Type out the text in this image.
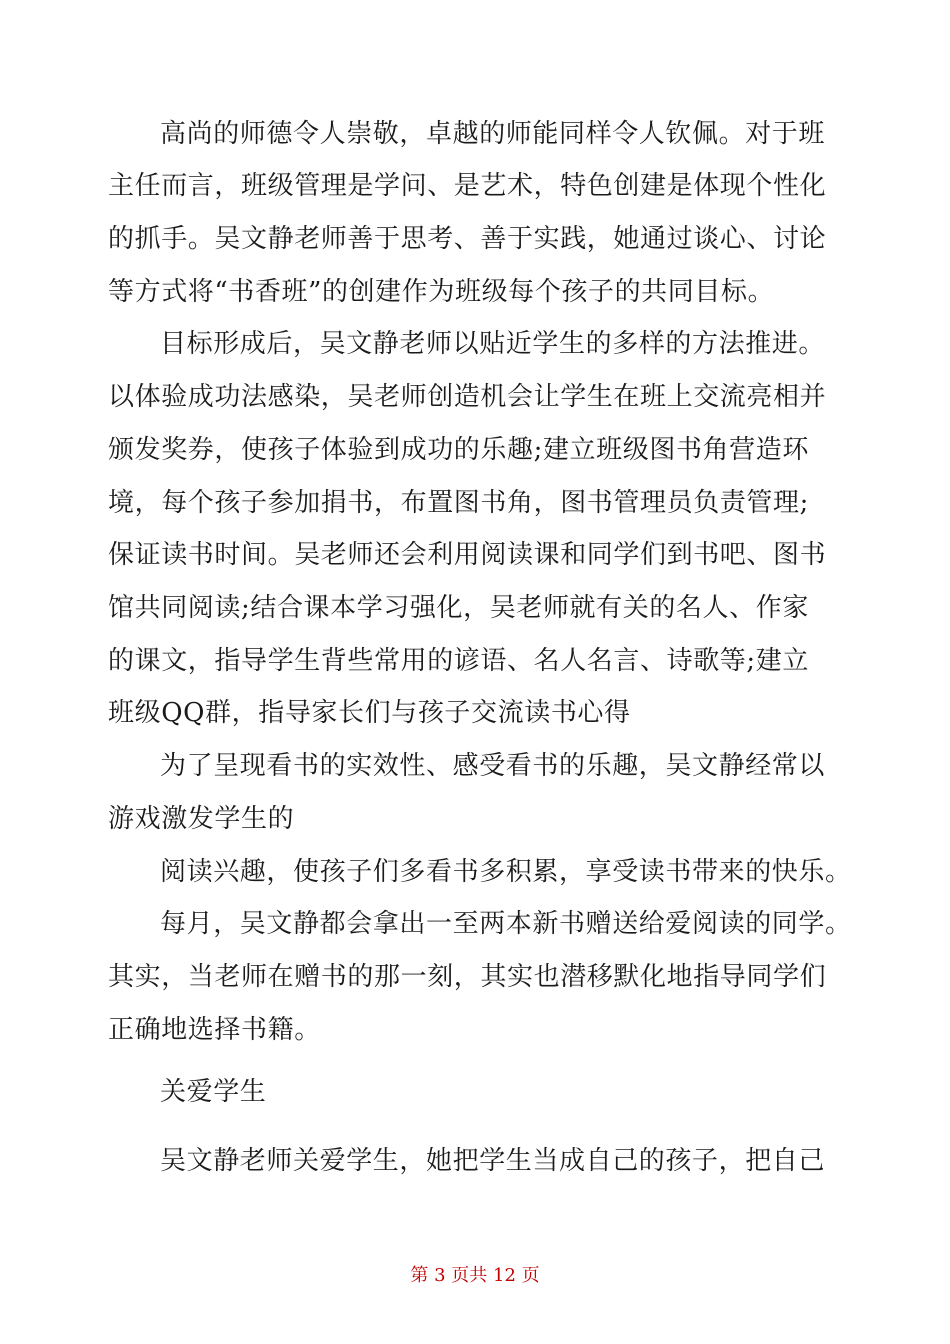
高尚的师德令人崇敬，卓越的师能同样令人钦佩。对于班
主任而言，班级管理是学问、是艺术，特色创建是体现个性化
的抓手。吴文静老师善于思考、善于实践，她通过谈心、讨论
等方式将“书香班”的创建作为班级每个孩子的共同目标。
目标形成后，吴文静老师以贴近学生的多样的方法推进。
以体验成功法感染，吴老师创造机会让学生在班上交流亮相并
颁发奖券，使孩子体验到成功的乐趣;建立班级图书角营造环
境，每个孩子参加捐书，布置图书角，图书管理员负责管理;
保证读书时间。吴老师还会利用阅读课和同学们到书吧、图书
馆共同阅读;结合课本学习强化，吴老师就有关的名人、作家
的课文，指导学生背些常用的谚语、名人名言、诗歌等;建立
班级QQ群，指导家长们与孩子交流读书心得
为了呈现看书的实效性、感受看书的乐趣，吴文静经常以
游戏激发学生的
阅读兴趣，使孩子们多看书多积累，享受读书带来的快乐。
每月，吴文静都会拿出一至两本新书赠送给爱阅读的同学。
其实，当老师在赠书的那一刻，其实也潜移默化地指导同学们
正确地选择书籍。
关爱学生
吴文静老师关爱学生，她把学生当成自己的孩子，把自己
第 3 页共 12 页
